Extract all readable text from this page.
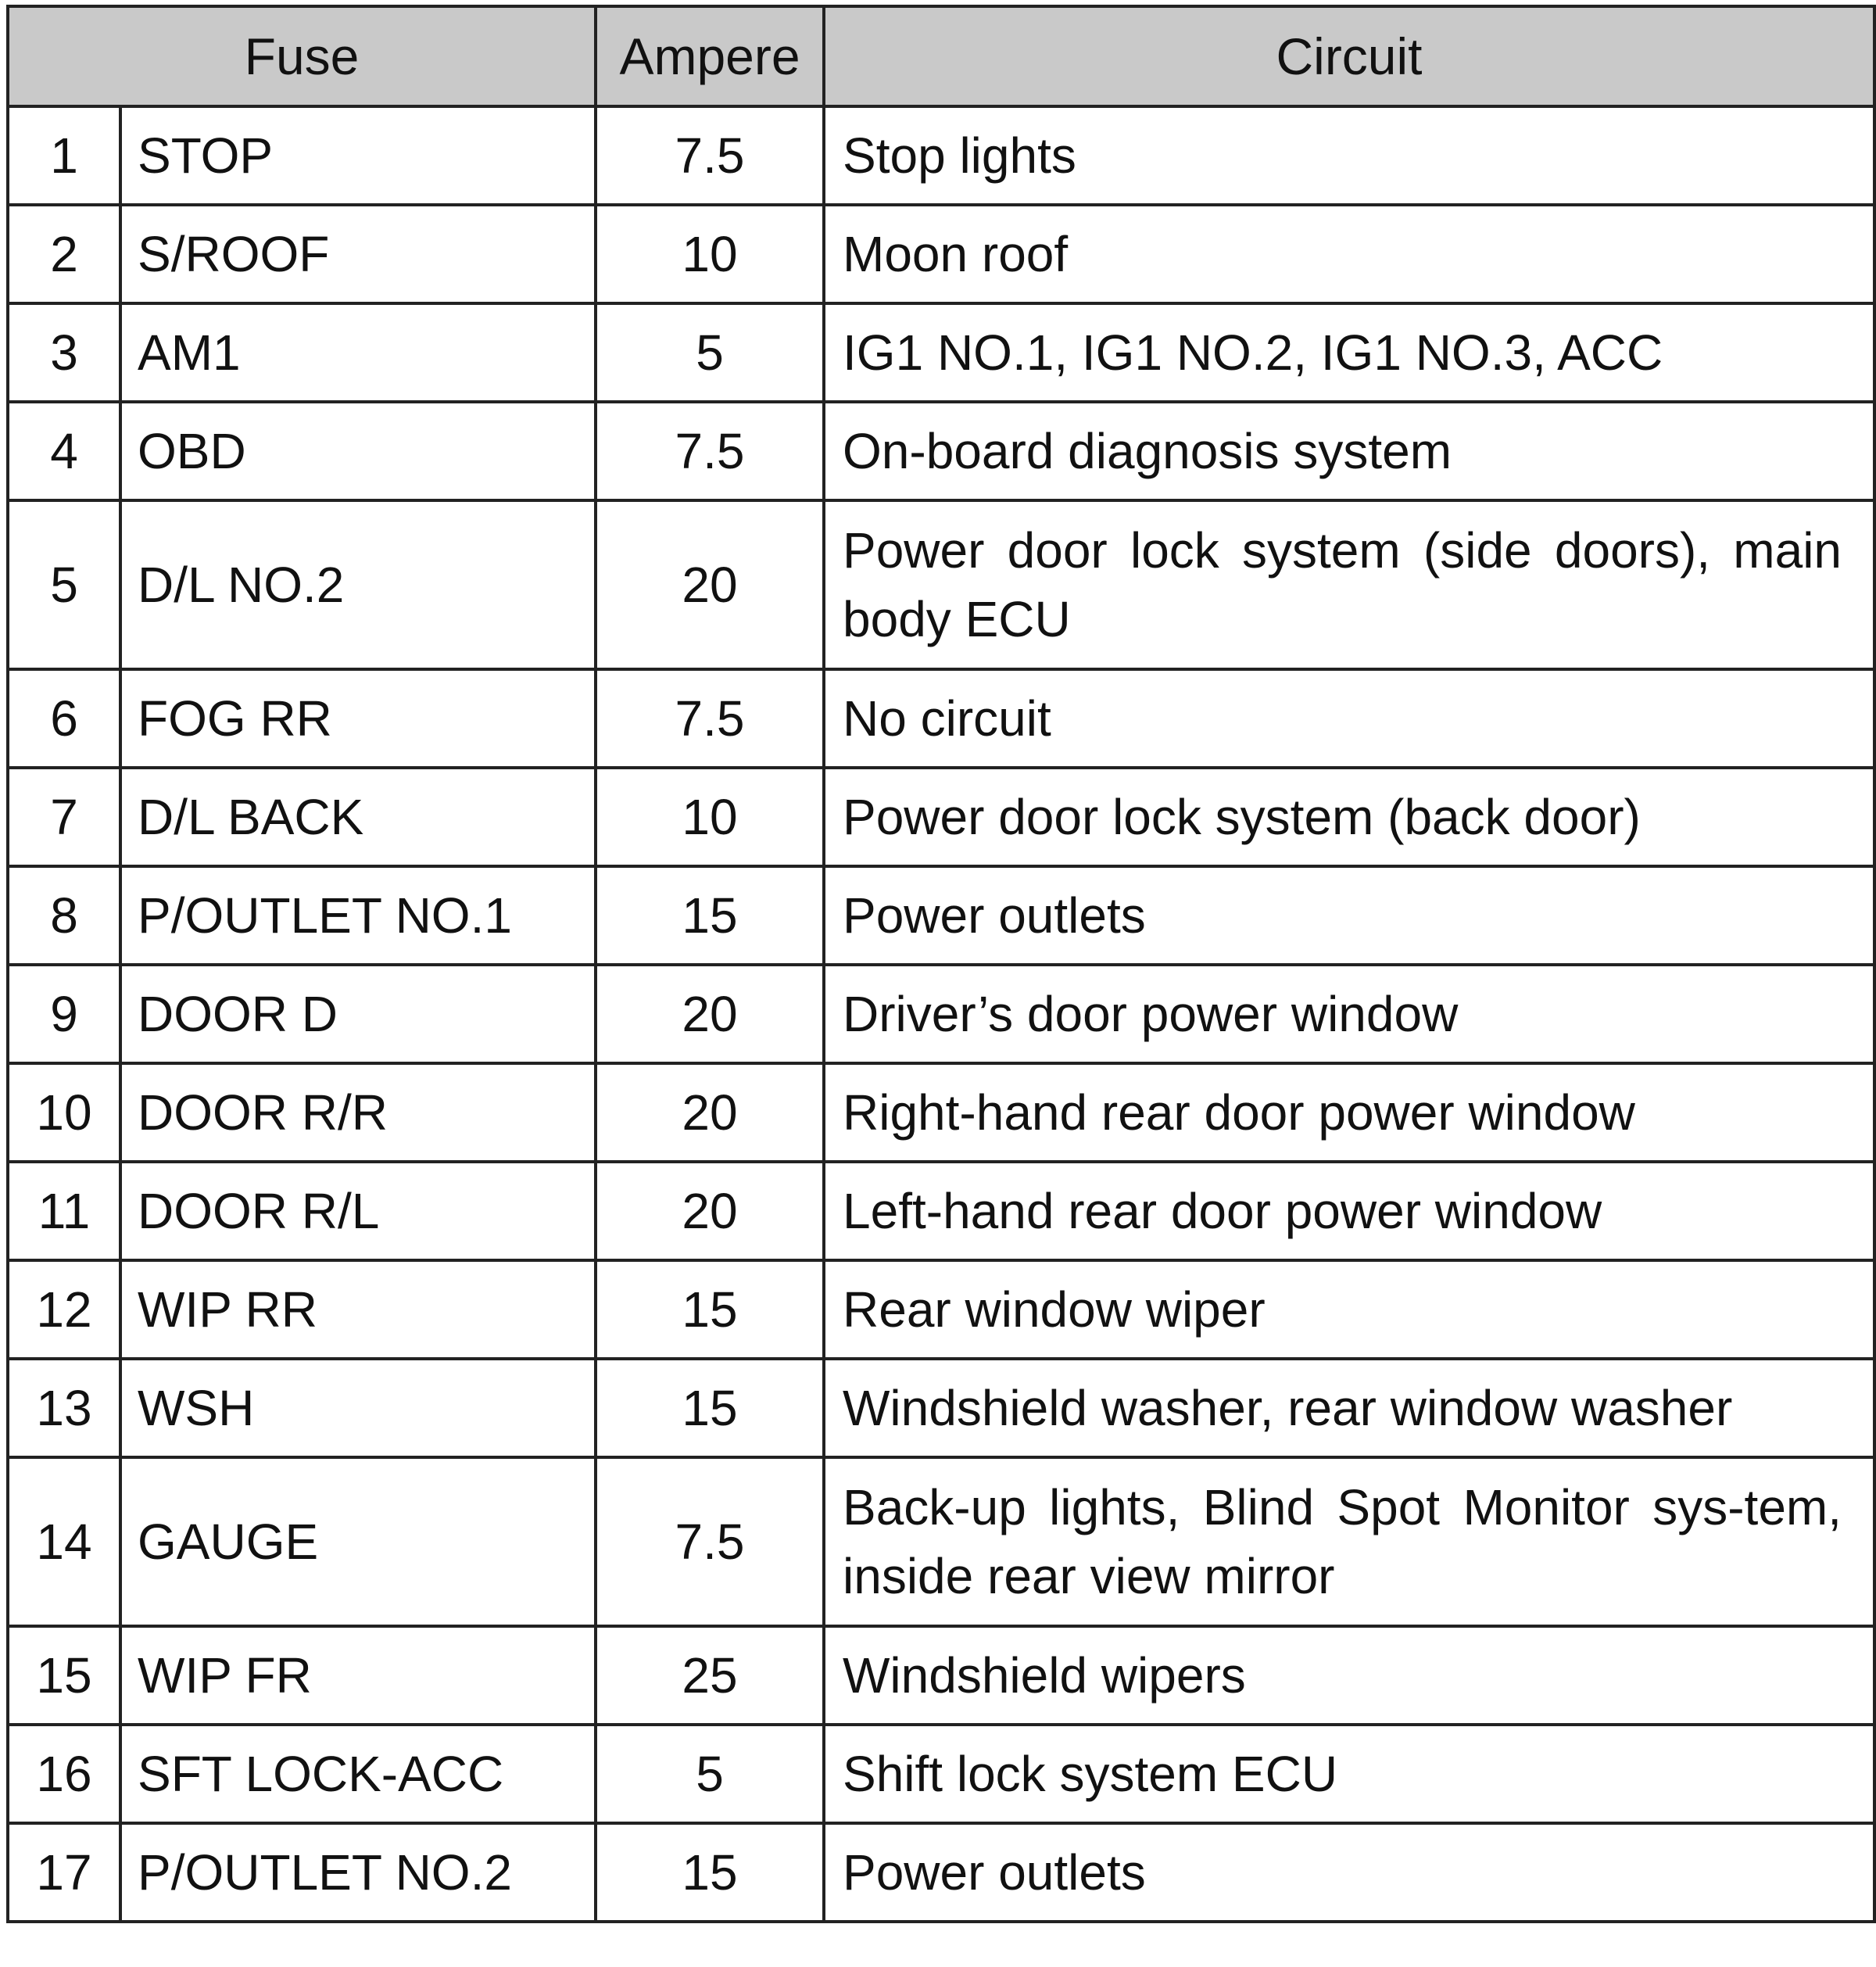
Fuse		Ampere	Circuit
1	STOP	7.5	Stop lights
2	S/ROOF	10	Moon roof
3	AM1	5	IG1 NO.1, IG1 NO.2, IG1 NO.3, ACC
4	OBD	7.5	On-board diagnosis system
5	D/L NO.2	20	Power door lock system (side doors), main body ECU
6	FOG RR	7.5	No circuit
7	D/L BACK	10	Power door lock system (back door)
8	P/OUTLET NO.1	15	Power outlets
9	DOOR D	20	Driver’s door power window
10	DOOR R/R	20	Right-hand rear door power window
11	DOOR R/L	20	Left-hand rear door power window
12	WIP RR	15	Rear window wiper
13	WSH	15	Windshield washer, rear window washer
14	GAUGE	7.5	Back-up lights, Blind Spot Monitor sys-tem, inside rear view mirror
15	WIP FR	25	Windshield wipers
16	SFT LOCK-ACC	5	Shift lock system ECU
17	P/OUTLET NO.2	15	Power outlets
